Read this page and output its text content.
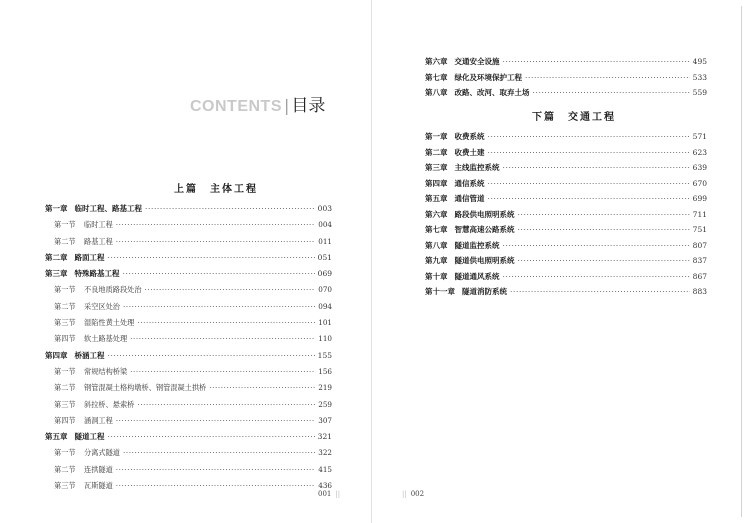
CONTENTS | 目录
上篇　主体工程
第一章 临时工程、路基工程 ·····	003
第一节	临时工程 ·····	004
第二节	路基工程 ·····	011
第二章 路面工程 ·····	051
第三章 特殊路基工程 ·····	069
第一节	不良地质路段处治 ·····	070
第二节	采空区处治 ·····	094
第三节	湿陷性黄土处理 ·····	101
第四节	软土路基处理 ·····	110
第四章 桥涵工程 ·····	155
第一节	常规结构桥梁 ·····	156
第二节	钢管混凝土格构墩桥、钢管混凝土拱桥 ·····	219
第三节	斜拉桥、悬索桥 ·····	259
第四节	涵洞工程 ·····	307
第五章 隧道工程 ·····	321
第一节	分离式隧道 ·····	322
第二节	连拱隧道 ·····	415
第三节	瓦斯隧道 ·····	436
第六章 交通安全设施 ·····	495
第七章 绿化及环境保护工程 ·····	533
第八章 改路、改河、取弃土场 ·····	559
下篇　交通工程
第一章 收费系统 ·····	571
第二章 收费土建 ·····	623
第三章 主线监控系统 ·····	639
第四章 通信系统 ·····	670
第五章 通信管道 ·····	699
第六章 路段供电照明系统 ·····	711
第七章 智慧高速公路系统 ·····	751
第八章 隧道监控系统 ·····	807
第九章 隧道供电照明系统 ·····	837
第十章 隧道通风系统 ·····	867
第十一章 隧道消防系统 ·····	883
001 ||	|| 002
